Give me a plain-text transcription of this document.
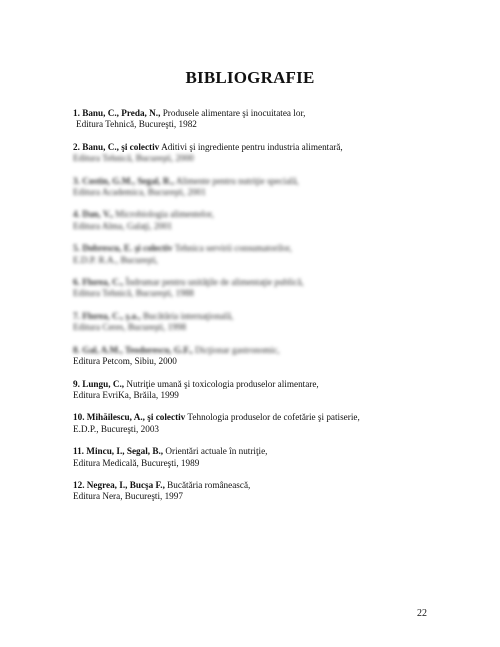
BIBLIOGRAFIE
1. Banu, C., Preda, N., Produsele alimentare şi inocuitatea lor,
Editura Tehnică, Bucureşti, 1982
2. Banu, C., şi colectiv Aditivi şi ingrediente pentru industria alimentară,
Editura Tehnică, Bucureşti, 2000
3. Costin, G.M., Segal, R., Alimente pentru nutriţie specială,
Editura Academica, Bucureşti, 2001
4. Dan, V., Microbiologia alimentelor,
Editura Alma, Galaţi, 2001
5. Dobrescu, E. şi colectiv Tehnica servirii consumatorilor,
E.D.P. R.A., Bucureşti,
6. Florea, C., Îndrumar pentru unităţile de alimentaţie publică,
Editura Tehnică, Bucureşti, 1988
7. Florea, C., ş.a., Bucătăria internaţională,
Editura Ceres, Bucureşti, 1998
8. Gal, A.M., Teodorescu, G.F., Dicţionar gastronomic,
Editura Petcom, Sibiu, 2000
9. Lungu, C., Nutriţie umană şi toxicologia produselor alimentare,
Editura EvriKa, Brăila, 1999
10. Mihăilescu, A., şi colectiv Tehnologia produselor de cofetărie şi patiserie,
E.D.P., Bucureşti, 2003
11. Mincu, I., Segal, B., Orientări actuale în nutriţie,
Editura Medicală, Bucureşti, 1989
12. Negrea, I., Bucşa F., Bucătăria românească,
Editura Nera, Bucureşti, 1997
22
